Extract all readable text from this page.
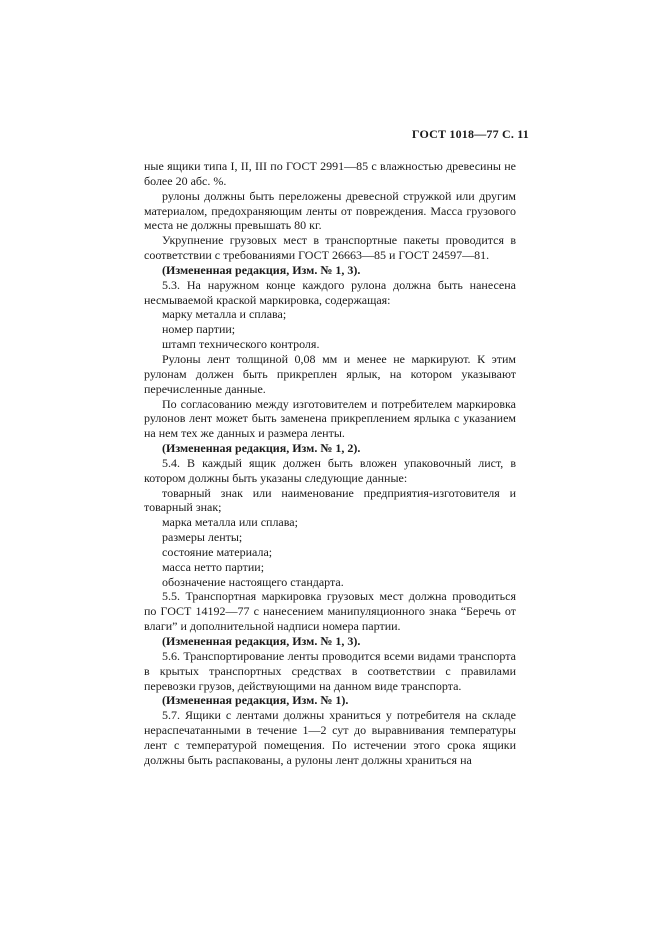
ГОСТ 1018—77 С. 11

ные ящики типа I, II, III по ГОСТ 2991—85 с влажностью древесины не более 20 абс. %.

рулоны должны быть переложены древесной стружкой или другим материалом, предохраняющим ленты от повреждения. Масса грузового места не должны превышать 80 кг.

Укрупнение грузовых мест в транспортные пакеты проводится в соответствии с требованиями ГОСТ 26663—85 и ГОСТ 24597—81.

(Измененная редакция, Изм. № 1, 3).

5.3. На наружном конце каждого рулона должна быть нанесена несмываемой краской маркировка, содержащая:

марку металла и сплава;

номер партии;

штамп технического контроля.

Рулоны лент толщиной 0,08 мм и менее не маркируют. К этим рулонам должен быть прикреплен ярлык, на котором указывают перечисленные данные.

По согласованию между изготовителем и потребителем маркировка рулонов лент может быть заменена прикреплением ярлыка с указанием на нем тех же данных и размера ленты.

(Измененная редакция, Изм. № 1, 2).

5.4. В каждый ящик должен быть вложен упаковочный лист, в котором должны быть указаны следующие данные:

товарный знак или наименование предприятия-изготовителя и товарный знак;

марка металла или сплава;

размеры ленты;

состояние материала;

масса нетто партии;

обозначение настоящего стандарта.

5.5. Транспортная маркировка грузовых мест должна проводиться по ГОСТ 14192—77 с нанесением манипуляционного знака “Беречь от влаги” и дополнительной надписи номера партии.

(Измененная редакция, Изм. № 1, 3).

5.6. Транспортирование ленты проводится всеми видами транспорта в крытых транспортных средствах в соответствии с правилами перевозки грузов, действующими на данном виде транспорта.

(Измененная редакция, Изм. № 1).

5.7. Ящики с лентами должны храниться у потребителя на складе нераспечатанными в течение 1—2 сут до выравнивания температуры лент с температурой помещения. По истечении этого срока ящики должны быть распакованы, а рулоны лент должны храниться на
